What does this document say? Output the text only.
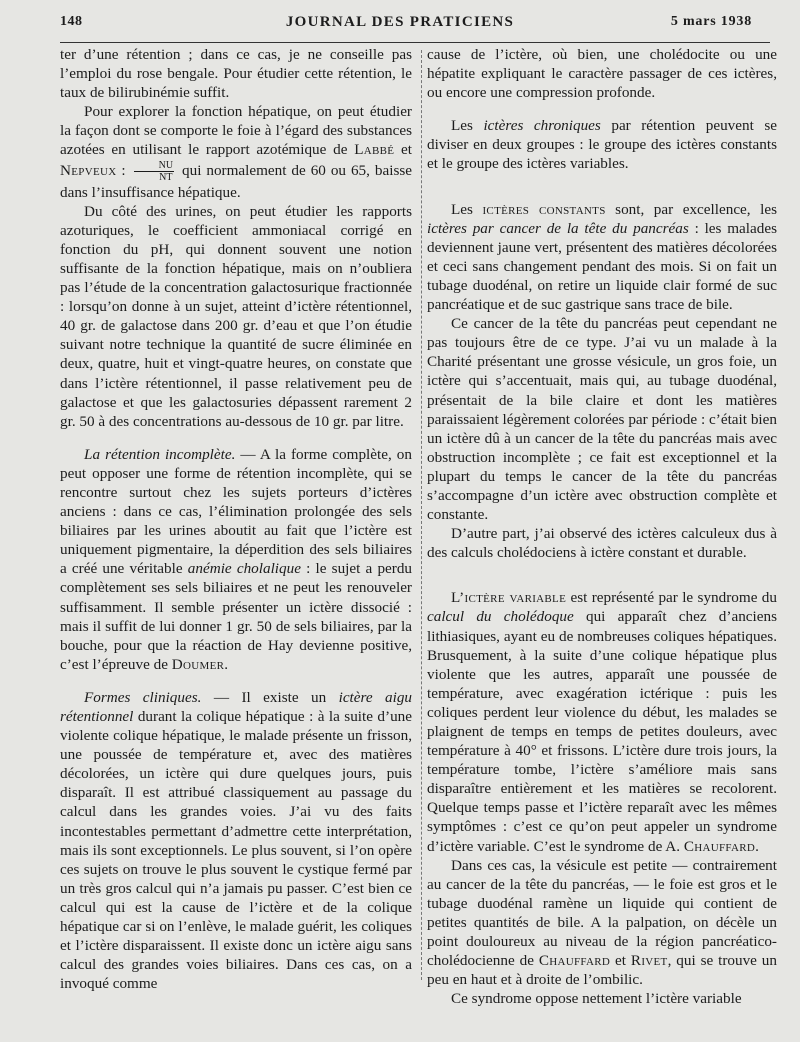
148	JOURNAL DES PRATICIENS	5 mars 1938

ter d’une rétention ; dans ce cas, je ne conseille pas l’emploi du rose bengale. Pour étudier cette rétention, le taux de bilirubinémie suffit.

Pour explorer la fonction hépatique, on peut étudier la façon dont se comporte le foie à l’égard des substances azotées en utilisant le rapport azotémique de Labbé et Nepveux : $\frac{NU}{NT}$ qui normalement de 60 ou 65, baisse dans l’insuffisance hépatique.

Du côté des urines, on peut étudier les rapports azoturiques, le coefficient ammoniacal corrigé en fonction du pH, qui donnent souvent une notion suffisante de la fonction hépatique, mais on n’oubliera pas l’étude de la concentration galactosurique fractionnée : lorsqu’on donne à un sujet, atteint d’ictère rétentionnel, 40 gr. de galactose dans 200 gr. d’eau et que l’on étudie suivant notre technique la quantité de sucre éliminée en deux, quatre, huit et vingt-quatre heures, on constate que dans l’ictère rétentionnel, il passe relativement peu de galactose et que les galactosuries dépassent rarement 2 gr. 50 à des concentrations au-dessous de 10 gr. par litre.

La rétention incomplète. — A la forme complète, on peut opposer une forme de rétention incomplète, qui se rencontre surtout chez les sujets porteurs d’ictères anciens : dans ce cas, l’élimination prolongée des sels biliaires par les urines aboutit au fait que l’ictère est uniquement pigmentaire, la déperdition des sels biliaires a créé une véritable anémie cholalique : le sujet a perdu complètement ses sels biliaires et ne peut les renouveler suffisamment. Il semble présenter un ictère dissocié : mais il suffit de lui donner 1 gr. 50 de sels biliaires, par la bouche, pour que la réaction de Hay devienne positive, c’est l’épreuve de Doumer.

Formes cliniques. — Il existe un ictère aigu rétentionnel durant la colique hépatique : à la suite d’une violente colique hépatique, le malade présente un frisson, une poussée de température et, avec des matières décolorées, un ictère qui dure quelques jours, puis disparaît. Il est attribué classiquement au passage du calcul dans les grandes voies. J’ai vu des faits incontestables permettant d’admettre cette interprétation, mais ils sont exceptionnels. Le plus souvent, si l’on opère ces sujets on trouve le plus souvent le cystique fermé par un très gros calcul qui n’a jamais pu passer. C’est bien ce calcul qui est la cause de l’ictère et de la colique hépatique car si on l’enlève, le malade guérit, les coliques et l’ictère disparaissent. Il existe donc un ictère aigu sans calcul des grandes voies biliaires. Dans ces cas, on a invoqué comme

cause de l’ictère, où bien, une cholédocite ou une hépatite expliquant le caractère passager de ces ictères, ou encore une compression profonde.

Les ictères chroniques par rétention peuvent se diviser en deux groupes : le groupe des ictères constants et le groupe des ictères variables.

Les ictères constants sont, par excellence, les ictères par cancer de la tête du pancréas : les malades deviennent jaune vert, présentent des matières décolorées et ceci sans changement pendant des mois. Si on fait un tubage duodénal, on retire un liquide clair formé de suc pancréatique et de suc gastrique sans trace de bile.

Ce cancer de la tête du pancréas peut cependant ne pas toujours être de ce type. J’ai vu un malade à la Charité présentant une grosse vésicule, un gros foie, un ictère qui s’accentuait, mais qui, au tubage duodénal, présentait de la bile claire et dont les matières paraissaient légèrement colorées par période : c’était bien un ictère dû à un cancer de la tête du pancréas mais avec obstruction incomplète ; ce fait est exceptionnel et la plupart du temps le cancer de la tête du pancréas s’accompagne d’un ictère avec obstruction complète et constante.

D’autre part, j’ai observé des ictères calculeux dus à des calculs cholédociens à ictère constant et durable.

L’ictère variable est représenté par le syndrome du calcul du cholédoque qui apparaît chez d’anciens lithiasiques, ayant eu de nombreuses coliques hépatiques. Brusquement, à la suite d’une colique hépatique plus violente que les autres, apparaît une poussée de température, avec exagération ictérique : puis les coliques perdent leur violence du début, les malades se plaignent de temps en temps de petites douleurs, avec température à 40° et frissons. L’ictère dure trois jours, la température tombe, l’ictère s’améliore mais sans disparaître entièrement et les matières se recolorent. Quelque temps passe et l’ictère reparaît avec les mêmes symptômes : c’est ce qu’on peut appeler un syndrome d’ictère variable. C’est le syndrome de A. Chauffard.

Dans ces cas, la vésicule est petite — contrairement au cancer de la tête du pancréas, — le foie est gros et le tubage duodénal ramène un liquide qui contient de petites quantités de bile. A la palpation, on décèle un point douloureux au niveau de la région pancréatico-cholédocienne de Chauffard et Rivet, qui se trouve un peu en haut et à droite de l’ombilic.

Ce syndrome oppose nettement l’ictère variable
